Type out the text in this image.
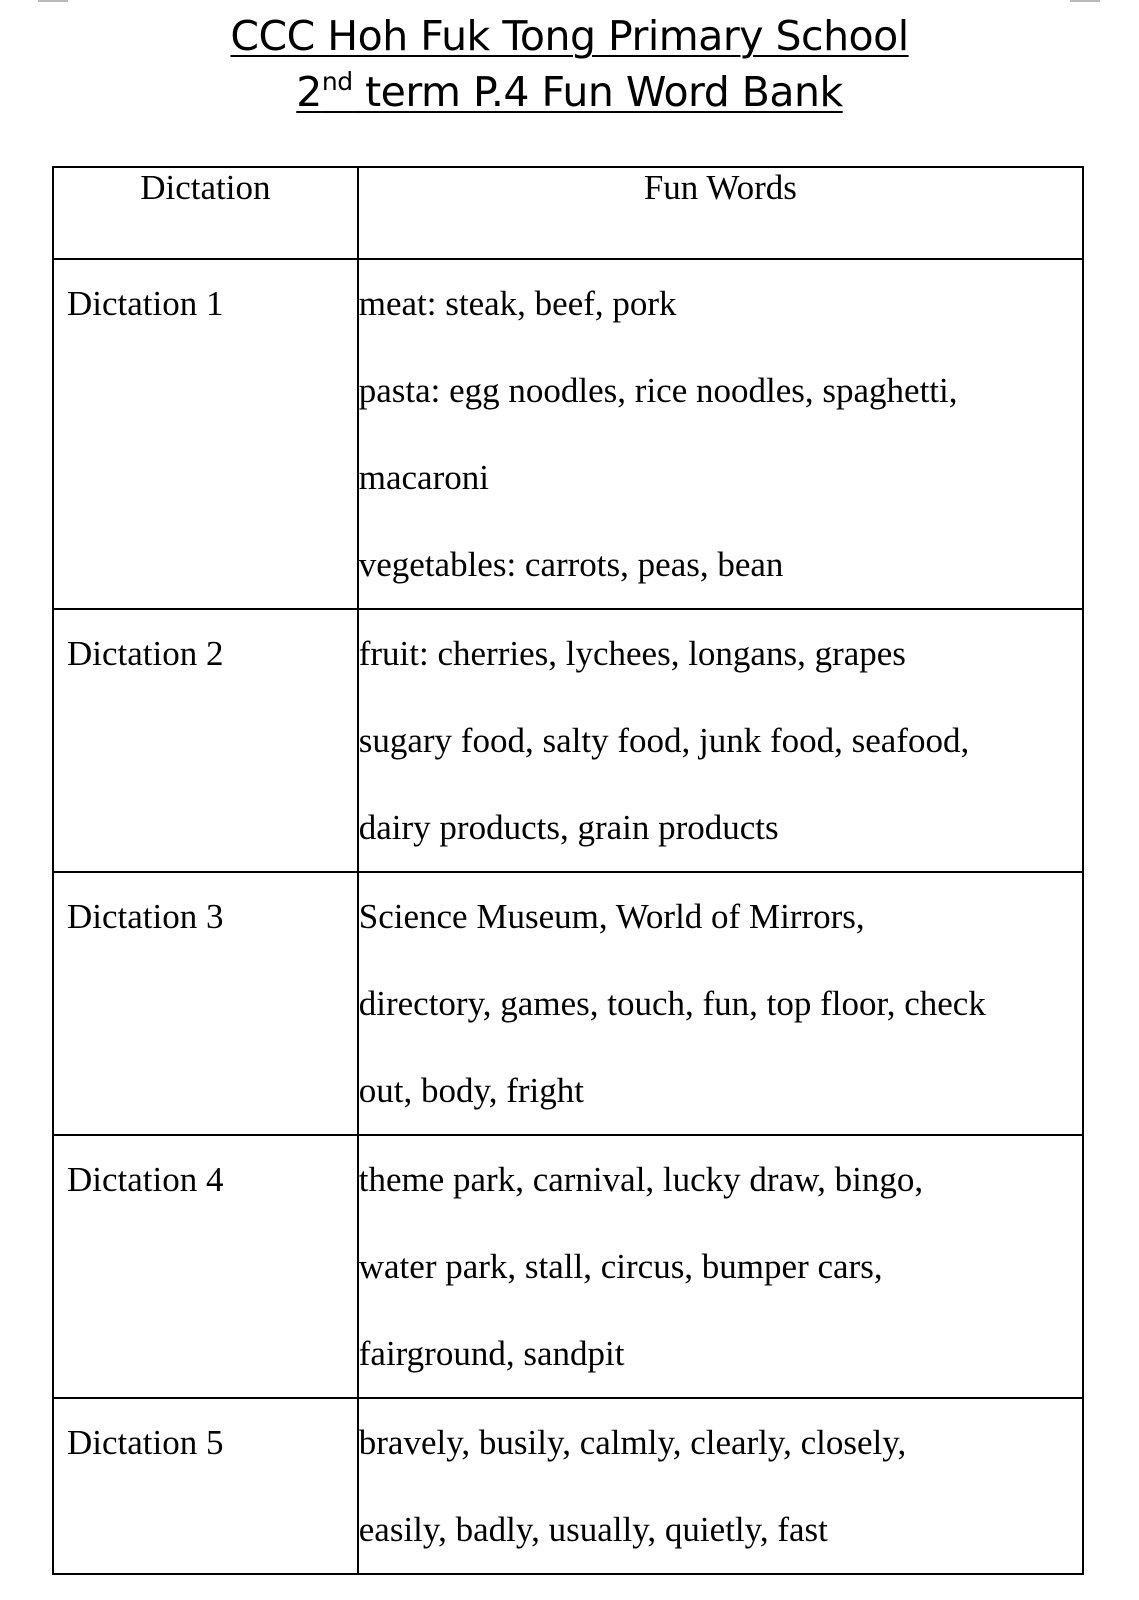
CCC Hoh Fuk Tong Primary School
2nd term P.4 Fun Word Bank
Dictation	Fun Words

Dictation 1	meat: steak, beef, pork
pasta: egg noodles, rice noodles, spaghetti,
macaroni
vegetables: carrots, peas, bean

Dictation 2	fruit: cherries, lychees, longans, grapes
sugary food, salty food, junk food, seafood,
dairy products, grain products

Dictation 3	Science Museum, World of Mirrors,
directory, games, touch, fun, top floor, check
out, body, fright

Dictation 4	theme park, carnival, lucky draw, bingo,
water park, stall, circus, bumper cars,
fairground, sandpit

Dictation 5	bravely, busily, calmly, clearly, closely,
easily, badly, usually, quietly, fast
